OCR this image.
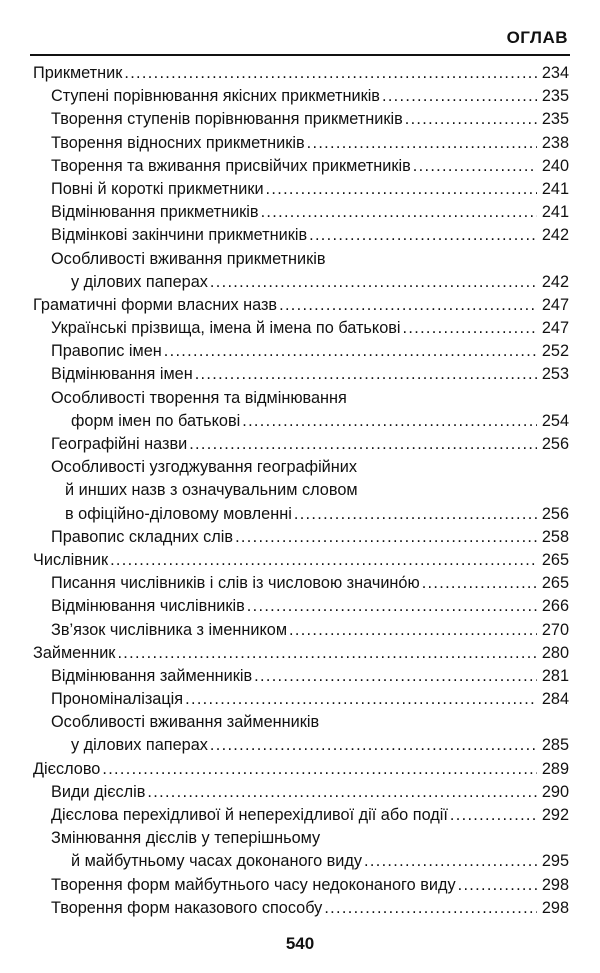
ОГЛАВ
Прикметник . . .	234
Ступені порівнювання якісних прикметників . . .	235
Творення ступенів порівнювання прикметників . . .	235
Творення відносних прикметників . . .	238
Творення та вживання присвійчих прикметників . . .	240
Повні й короткі прикметники . . .	241
Відмінювання прикметників . . .	241
Відмінкові закінчини прикметників . . .	242
Особливості вживання прикметників
у ділових паперах . . .	242
Граматичні форми власних назв . . .	247
Українські прізвища, імена й імена по батькові . . .	247
Правопис імен . . .	252
Відмінювання імен . . .	253
Особливості творення та відмінювання
форм імен по батькові . . .	254
Географійні назви . . .	256
Особливості узгоджування географійних
й инших назв з означувальним словом
в офіційно-діловому мовленні . . .	256
Правопис складних слів . . .	258
Числівник . . .	265
Писання числівників і слів із числовою значино́ю . . .	265
Відмінювання числівників . . .	266
Зв’язок числівника з іменником . . .	270
Займенник . . .	280
Відмінювання займенників . . .	281
Прономіналізація . . .	284
Особливості вживання займенників
у ділових паперах . . .	285
Дієслово . . .	289
Види дієслів . . .	290
Дієслова перехідливої й неперехідливої дії або події . . .	292
Змінювання дієслів у теперішньому
й майбутньому часах доконаного виду . . .	295
Творення форм майбутнього часу недоконаного виду . . .	298
Творення форм наказового способу . . .	298
540
